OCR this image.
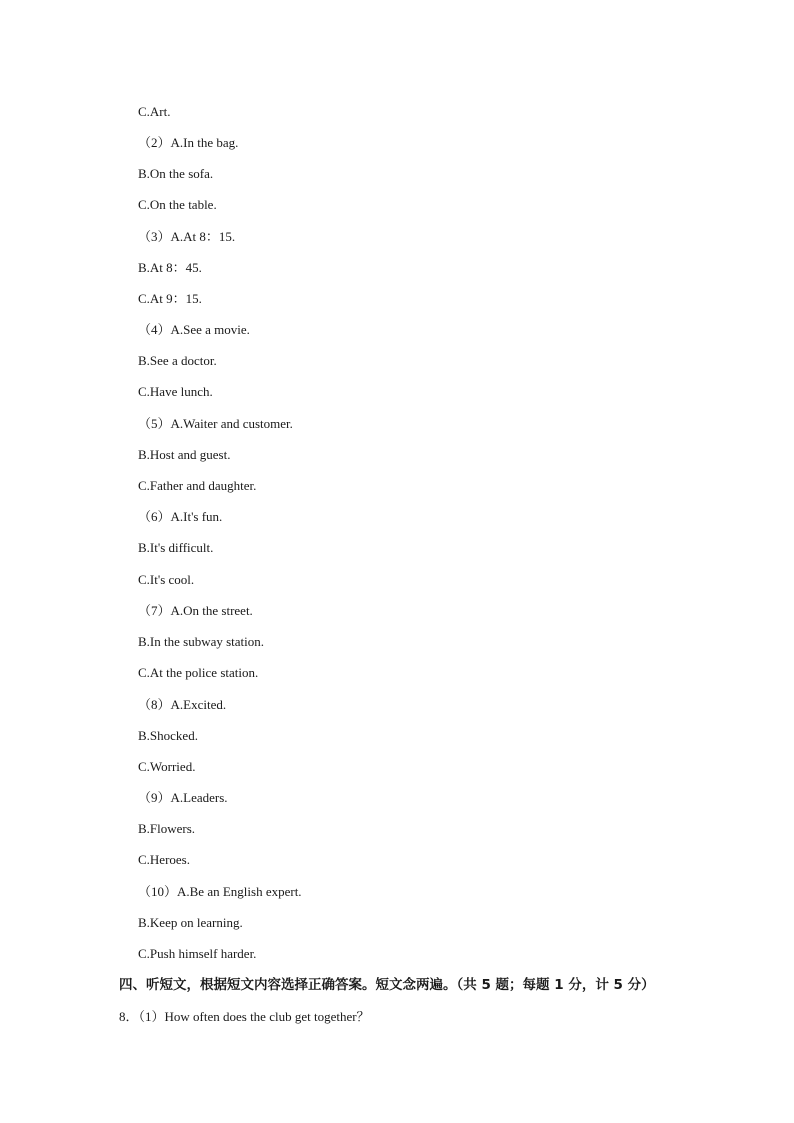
C.Art.
（2）A.In the bag.
B.On the sofa.
C.On the table.
（3）A.At 8：15.
B.At 8：45.
C.At 9：15.
（4）A.See a movie.
B.See a doctor.
C.Have lunch.
（5）A.Waiter and customer.
B.Host and guest.
C.Father and daughter.
（6）A.It's fun.
B.It's difficult.
C.It's cool.
（7）A.On the street.
B.In the subway station.
C.At the police station.
（8）A.Excited.
B.Shocked.
C.Worried.
（9）A.Leaders.
B.Flowers.
C.Heroes.
（10）A.Be an English expert.
B.Keep on learning.
C.Push himself harder.
四、听短文，根据短文内容选择正确答案。短文念两遍。（共 5 题；每题 1 分，计 5 分）
8．（1）How often does the club get together？
